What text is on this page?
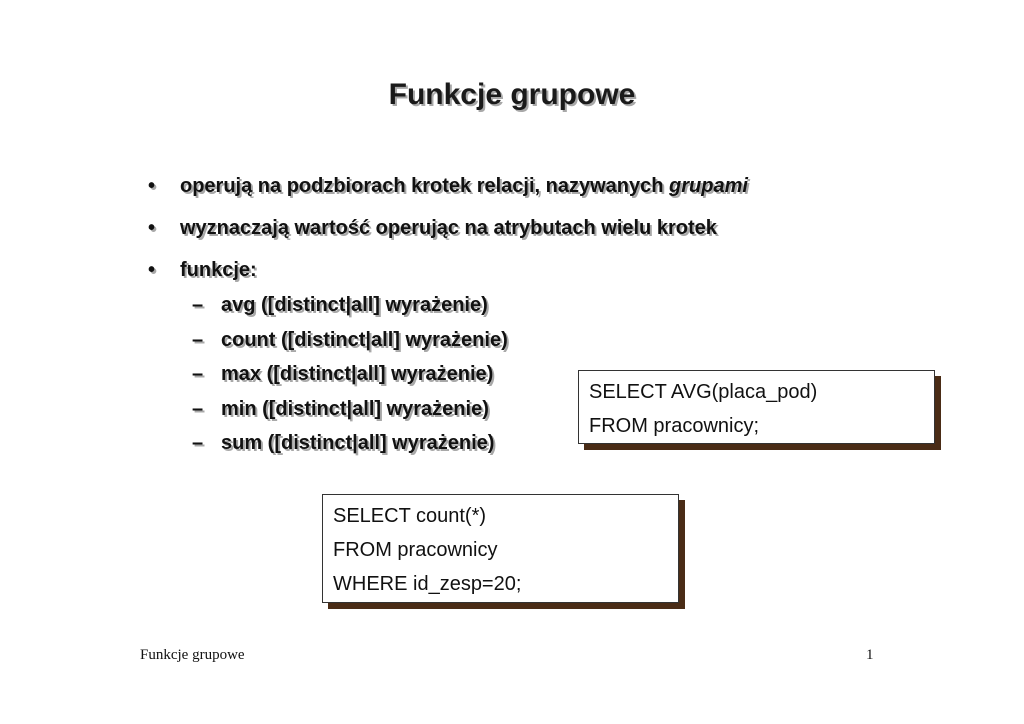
Funkcje grupowe
•	operują na podzbiorach krotek relacji, nazywanych grupami
•	wyznaczają wartość operując na atrybutach wielu krotek
•	funkcje:
– avg ([distinct|all] wyrażenie)
– count ([distinct|all] wyrażenie)
– max ([distinct|all] wyrażenie)
– min ([distinct|all] wyrażenie)
– sum ([distinct|all] wyrażenie)
SELECT AVG(placa_pod)
FROM pracownicy;
SELECT count(*)
FROM pracownicy
WHERE id_zesp=20;
Funkcje grupowe	1
